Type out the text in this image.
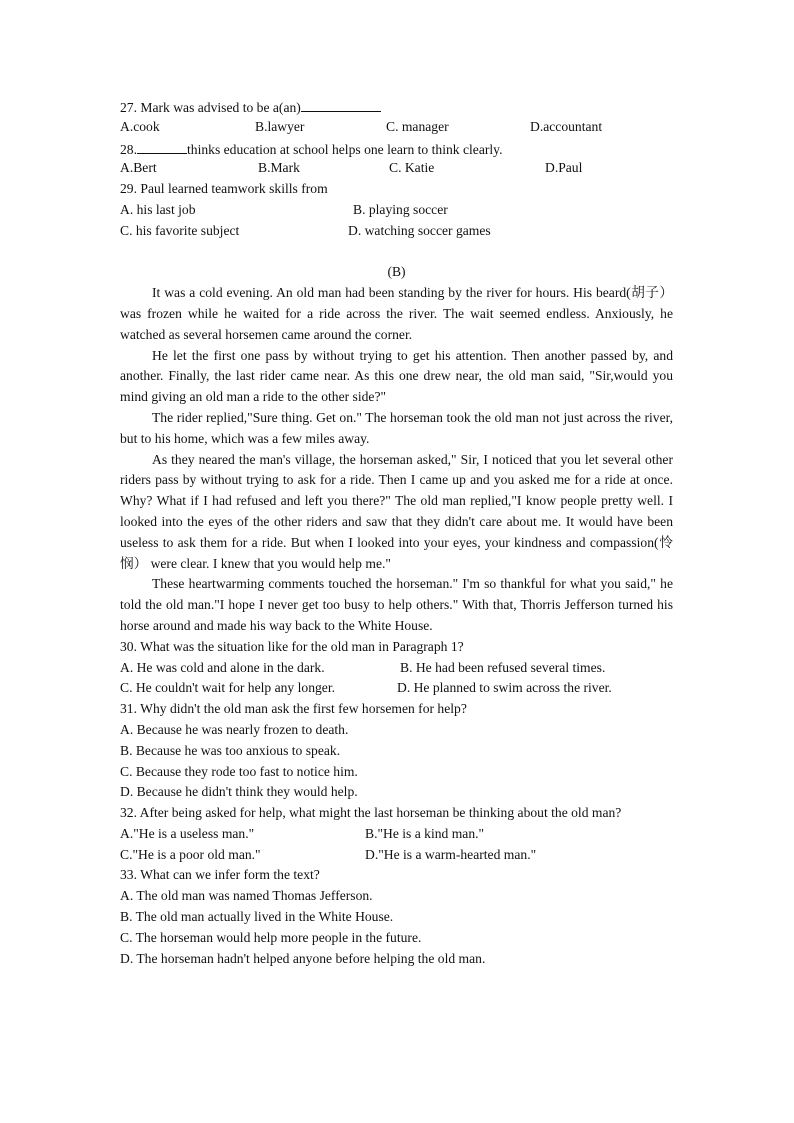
27. Mark was advised to be a(an)
A.cook	B.lawyer	C. manager	D.accountant
28.	thinks education at school helps one learn to think clearly.
A.Bert	B.Mark	C. Katie	D.Paul
29. Paul learned teamwork skills from
A. his last job	B. playing soccer
C. his favorite subject	D. watching soccer games
(B)
It was a cold evening. An old man had been standing by the river for hours. His beard(胡子） was frozen while he waited for a ride across the river. The wait seemed endless. Anxiously, he watched as several horsemen came around the corner.
He let the first one pass by without trying to get his attention. Then another passed by, and another. Finally, the last rider came near. As this one drew near, the old man said, "Sir,would you mind giving an old man a ride to the other side?"
The rider replied,"Sure thing. Get on." The horseman took the old man not just across the river, but to his home, which was a few miles away.
As they neared the man's village, the horseman asked," Sir, I noticed that you let several other riders pass by without trying to ask for a ride. Then I came up and you asked me for a ride at once. Why? What if I had refused and left you there?" The old man replied,"I know people pretty well. I looked into the eyes of the other riders and saw that they didn't care about me. It would have been useless to ask them for a ride. But when I looked into your eyes, your kindness and compassion(怜悯） were clear. I knew that you would help me."
These heartwarming comments touched the horseman." I'm so thankful for what you said," he told the old man."I hope I never get too busy to help others." With that, Thorris Jefferson turned his horse around and made his way back to the White House.
30. What was the situation like for the old man in Paragraph 1?
A. He was cold and alone in the dark.	B. He had been refused several times.
C. He couldn't wait for help any longer.	D. He planned to swim across the river.
31. Why didn't the old man ask the first few horsemen for help?
A. Because he was nearly frozen to death.
B. Because he was too anxious to speak.
C. Because they rode too fast to notice him.
D. Because he didn't think they would help.
32. After being asked for help, what might the last horseman be thinking about the old man?
A."He is a useless man."	B."He is a kind man."
C."He is a poor old man."	D."He is a warm-hearted man."
33. What can we infer form the text?
A. The old man was named Thomas Jefferson.
B. The old man actually lived in the White House.
C. The horseman would help more people in the future.
D. The horseman hadn't helped anyone before helping the old man.
